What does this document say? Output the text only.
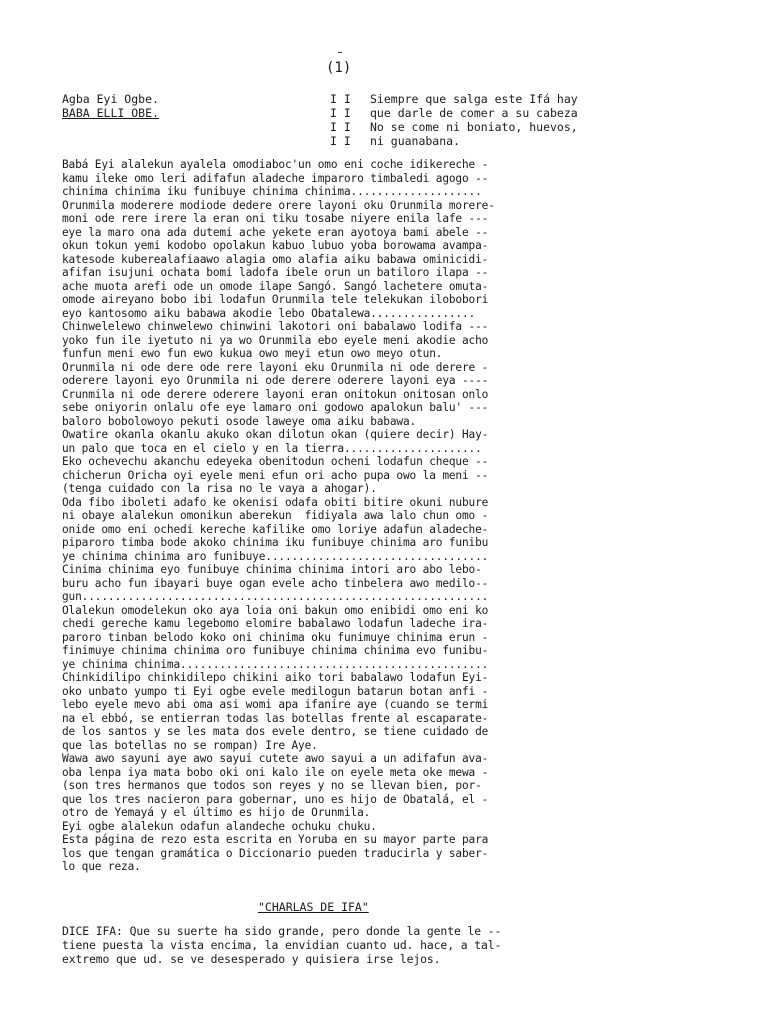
(1)
Agba Eyi Ogbe.
BABA ELLI OBE.
I I
I I
I I
I I
Siempre que salga este Ifá hay
que darle de comer a su cabeza
No se come ni boniato, huevos,
ni guanabana.
Babá Eyi alalekun ayalela omodiaboc'un omo eni coche idikereche -
kamu ileke omo leri adifafun aladeche imparoro timbaledi agogo --
chinima chinima iku funibuye chinima chinima....................
Orunmila moderere modiode dedere orere layoni oku Orunmila morere-
moni ode rere irere la eran oni tiku tosabe niyere enila lafe ---
eye la maro ona ada dutemi ache yekete eran ayotoya bami abele --
okun tokun yemi kodobo opolakun kabuo lubuo yoba borowama avampa-
katesode kuberealafiaawo alagia omo alafia aiku babawa ominicidi-
afifan isujuni ochata bomi ladofa ibele orun un batiloro ilapa --
ache muota arefi ode un omode ilape Sangó. Sangó lachetere omuta-
omode aireyano bobo ibi lodafun Orunmila tele telekukan ilobobori
eyo kantosomo aiku babawa akodie lebo Obatalewa................
Chinwelelewo chinwelewo chinwini lakotori oni babalawo lodifa ---
yoko fun ile iyetuto ni ya wo Orunmila ebo eyele meni akodie acho
funfun meni ewo fun ewo kukua owo meyi etun owo meyo otun.
Orunmila ni ode dere ode rere layoni eku Orunmila ni ode derere -
oderere layoni eyo Orunmila ni ode derere oderere layoni eya ----
Crunmila ni ode derere oderere layoni eran onitokun onitosan onlo
sebe oniyorin onlalu ofe eye lamaro oni godowo apalokun balu' ---
baloro bobolowoyo pekuti osode laweye oma aiku babawa.
Owatire okanla okanlu akuko okan dilotun okan (quiere decir) Hay-
un palo que toca en el cielo y en la tierra.....................
Eko ochevechu akanchu edeyeka obenitodun ocheni lodafun cheque --
chicherun Oricha oyi eyele meni efun ori acho pupa owo la meni --
(tenga cuidado con la risa no le vaya a ahogar).
Oda fibo iboleti adafo ke okenisi odafa obiti bitire okuni nubure
ni obaye alalekun omonikun aberekun  fidiyala awa lalo chun omo -
onide omo eni ochedi kereche kafilike omo loriye adafun aladeche-
piparoro timba bode akoko chinima iku funibuye chinima aro funibu
ye chinima chinima aro funibuye..................................
Cinima chinima eyo funibuye chinima chinima intori aro abo lebo-
buru acho fun ibayari buye ogan evele acho tinbelera awo medilo--
gun..............................................................
Olalekun omodelekun oko aya loia oni bakun omo enibidi omo eni ko
chedi gereche kamu legebomo elomire babalawo lodafun ladeche ira-
paroro tinban belodo koko oni chinima oku funimuye chinima erun -
finimuye chinima chinima oro funibuye chinima chinima evo funibu-
ye chinima chinima...............................................
Chinkidilipo chinkidilepo chikini aiko tori babalawo lodafun Eyi-
oko unbato yumpo ti Eyi ogbe evele medilogun batarun botan anfi -
lebo eyele mevo abi oma asi womi apa ifanire aye (cuando se termi
na el ebbó, se entierran todas las botellas frente al escaparate-
de los santos y se les mata dos evele dentro, se tiene cuidado de
que las botellas no se rompan) Ire Aye.
Wawa awo sayuni aye awo sayui cutete awo sayui a un adifafun ava-
oba lenpa iya mata bobo oki oni kalo ile on eyele meta oke mewa -
(son tres hermanos que todos son reyes y no se llevan bien, por-
que los tres nacieron para gobernar, uno es hijo de Obatalá, el -
otro de Yemayá y el último es hijo de Orunmila.
Eyi ogbe alalekun odafun alandeche ochuku chuku.
Esta página de rezo esta escrita en Yoruba en su mayor parte para
los que tengan gramática o Diccionario pueden traducirla y saber-
lo que reza.
"CHARLAS DE IFA"
DICE IFA: Que su suerte ha sido grande, pero donde la gente le --
tiene puesta la vista encima, la envidian cuanto ud. hace, a tal-
extremo que ud. se ve desesperado y quisiera irse lejos.
